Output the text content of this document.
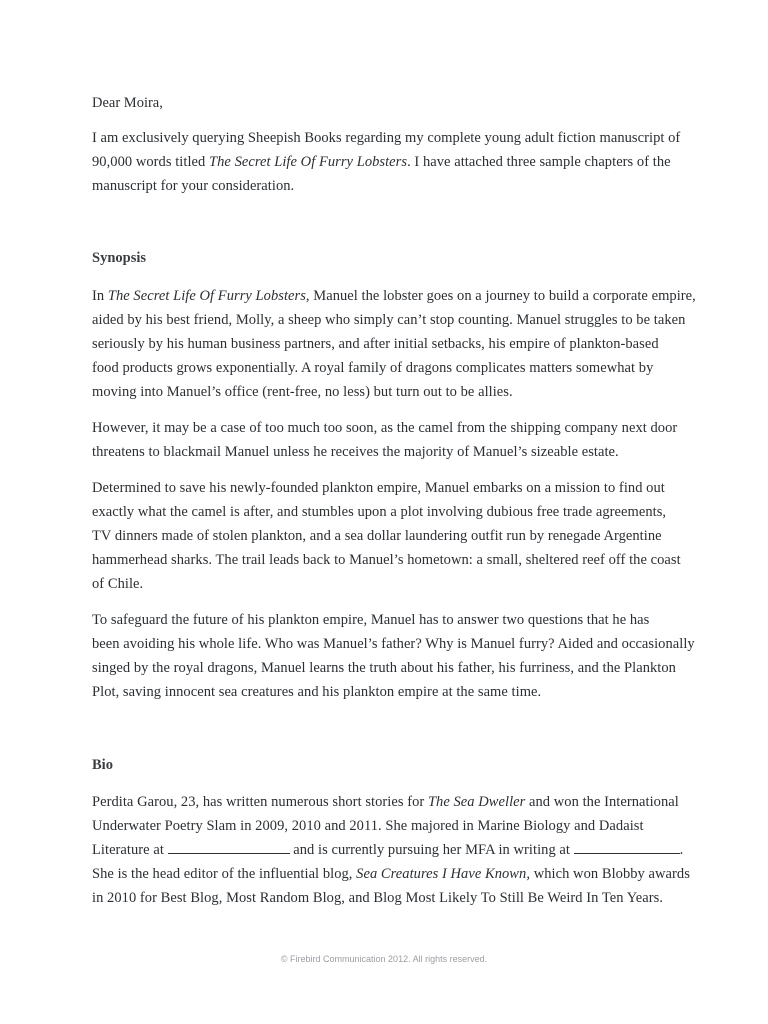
Dear Moira,

I am exclusively querying Sheepish Books regarding my complete young adult fiction manuscript of
90,000 words titled The Secret Life Of Furry Lobsters. I have attached three sample chapters of the
manuscript for your consideration.

Synopsis

In The Secret Life Of Furry Lobsters, Manuel the lobster goes on a journey to build a corporate empire,
aided by his best friend, Molly, a sheep who simply can’t stop counting. Manuel struggles to be taken
seriously by his human business partners, and after initial setbacks, his empire of plankton-based
food products grows exponentially. A royal family of dragons complicates matters somewhat by
moving into Manuel’s office (rent-free, no less) but turn out to be allies.

However, it may be a case of too much too soon, as the camel from the shipping company next door
threatens to blackmail Manuel unless he receives the majority of Manuel’s sizeable estate.

Determined to save his newly-founded plankton empire, Manuel embarks on a mission to find out
exactly what the camel is after, and stumbles upon a plot involving dubious free trade agreements,
TV dinners made of stolen plankton, and a sea dollar laundering outfit run by renegade Argentine
hammerhead sharks. The trail leads back to Manuel’s hometown: a small, sheltered reef off the coast
of Chile.

To safeguard the future of his plankton empire, Manuel has to answer two questions that he has
been avoiding his whole life. Who was Manuel’s father? Why is Manuel furry? Aided and occasionally
singed by the royal dragons, Manuel learns the truth about his father, his furriness, and the Plankton
Plot, saving innocent sea creatures and his plankton empire at the same time.

Bio

Perdita Garou, 23, has written numerous short stories for The Sea Dweller and won the International
Underwater Poetry Slam in 2009, 2010 and 2011. She majored in Marine Biology and Dadaist
Literature at	and is currently pursuing her MFA in writing at	.
She is the head editor of the influential blog, Sea Creatures I Have Known, which won Blobby awards
in 2010 for Best Blog, Most Random Blog, and Blog Most Likely To Still Be Weird In Ten Years.

© Firebird Communication 2012. All rights reserved.
